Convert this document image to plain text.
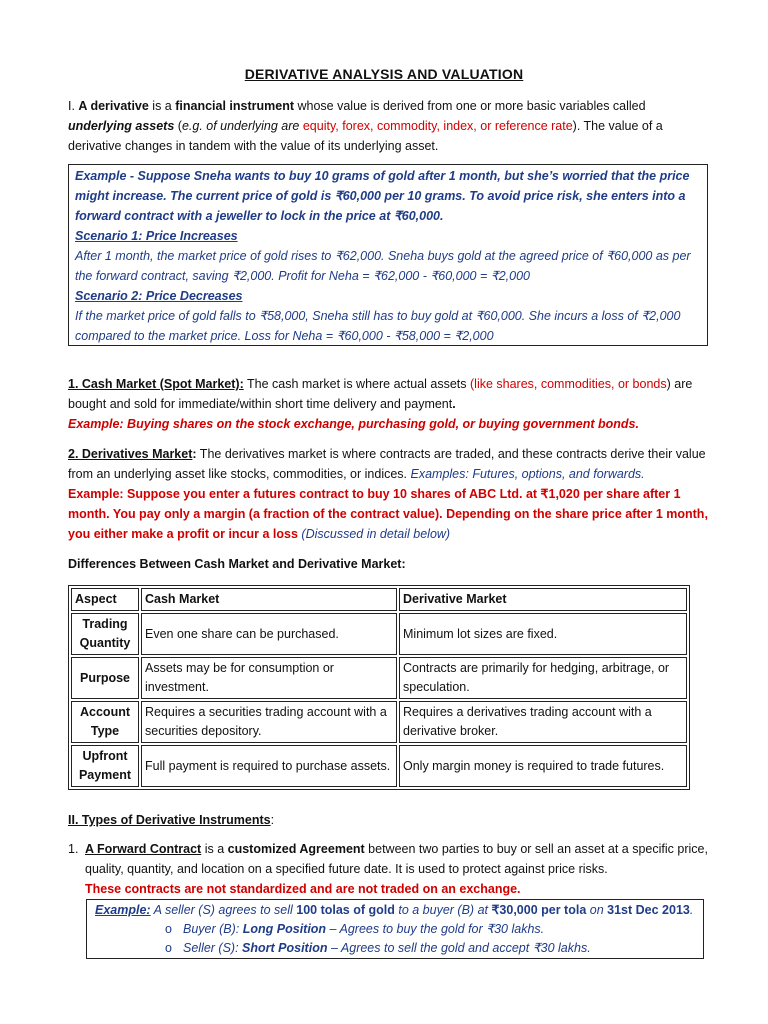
DERIVATIVE ANALYSIS AND VALUATION
I. A derivative is a financial instrument whose value is derived from one or more basic variables called underlying assets (e.g. of underlying are equity, forex, commodity, index, or reference rate). The value of a derivative changes in tandem with the value of its underlying asset.
Example - Suppose Sneha wants to buy 10 grams of gold after 1 month, but she’s worried that the price might increase. The current price of gold is ₹60,000 per 10 grams. To avoid price risk, she enters into a forward contract with a jeweller to lock in the price at ₹60,000.
Scenario 1: Price Increases
After 1 month, the market price of gold rises to ₹62,000. Sneha buys gold at the agreed price of ₹60,000 as per the forward contract, saving ₹2,000. Profit for Neha = ₹62,000 - ₹60,000 = ₹2,000
Scenario 2: Price Decreases
If the market price of gold falls to ₹58,000, Sneha still has to buy gold at ₹60,000. She incurs a loss of ₹2,000 compared to the market price. Loss for Neha = ₹60,000 - ₹58,000 = ₹2,000
1. Cash Market (Spot Market): The cash market is where actual assets (like shares, commodities, or bonds) are bought and sold for immediate/within short time delivery and payment.
Example: Buying shares on the stock exchange, purchasing gold, or buying government bonds.
2. Derivatives Market: The derivatives market is where contracts are traded, and these contracts derive their value from an underlying asset like stocks, commodities, or indices. Examples: Futures, options, and forwards.
Example: Suppose you enter a futures contract to buy 10 shares of ABC Ltd. at ₹1,020 per share after 1 month. You pay only a margin (a fraction of the contract value). Depending on the share price after 1 month, you either make a profit or incur a loss (Discussed in detail below)
Differences Between Cash Market and Derivative Market:
Aspect	Cash Market	Derivative Market
Trading Quantity	Even one share can be purchased.	Minimum lot sizes are fixed.
Purpose	Assets may be for consumption or investment.	Contracts are primarily for hedging, arbitrage, or speculation.
Account Type	Requires a securities trading account with a securities depository.	Requires a derivatives trading account with a derivative broker.
Upfront Payment	Full payment is required to purchase assets.	Only margin money is required to trade futures.
II. Types of Derivative Instruments:
1. A Forward Contract is a customized Agreement between two parties to buy or sell an asset at a specific price, quality, quantity, and location on a specified future date. It is used to protect against price risks.
These contracts are not standardized and are not traded on an exchange.
Example: A seller (S) agrees to sell 100 tolas of gold to a buyer (B) at ₹30,000 per tola on 31st Dec 2013.
o Buyer (B): Long Position – Agrees to buy the gold for ₹30 lakhs.
o Seller (S): Short Position – Agrees to sell the gold and accept ₹30 lakhs.
